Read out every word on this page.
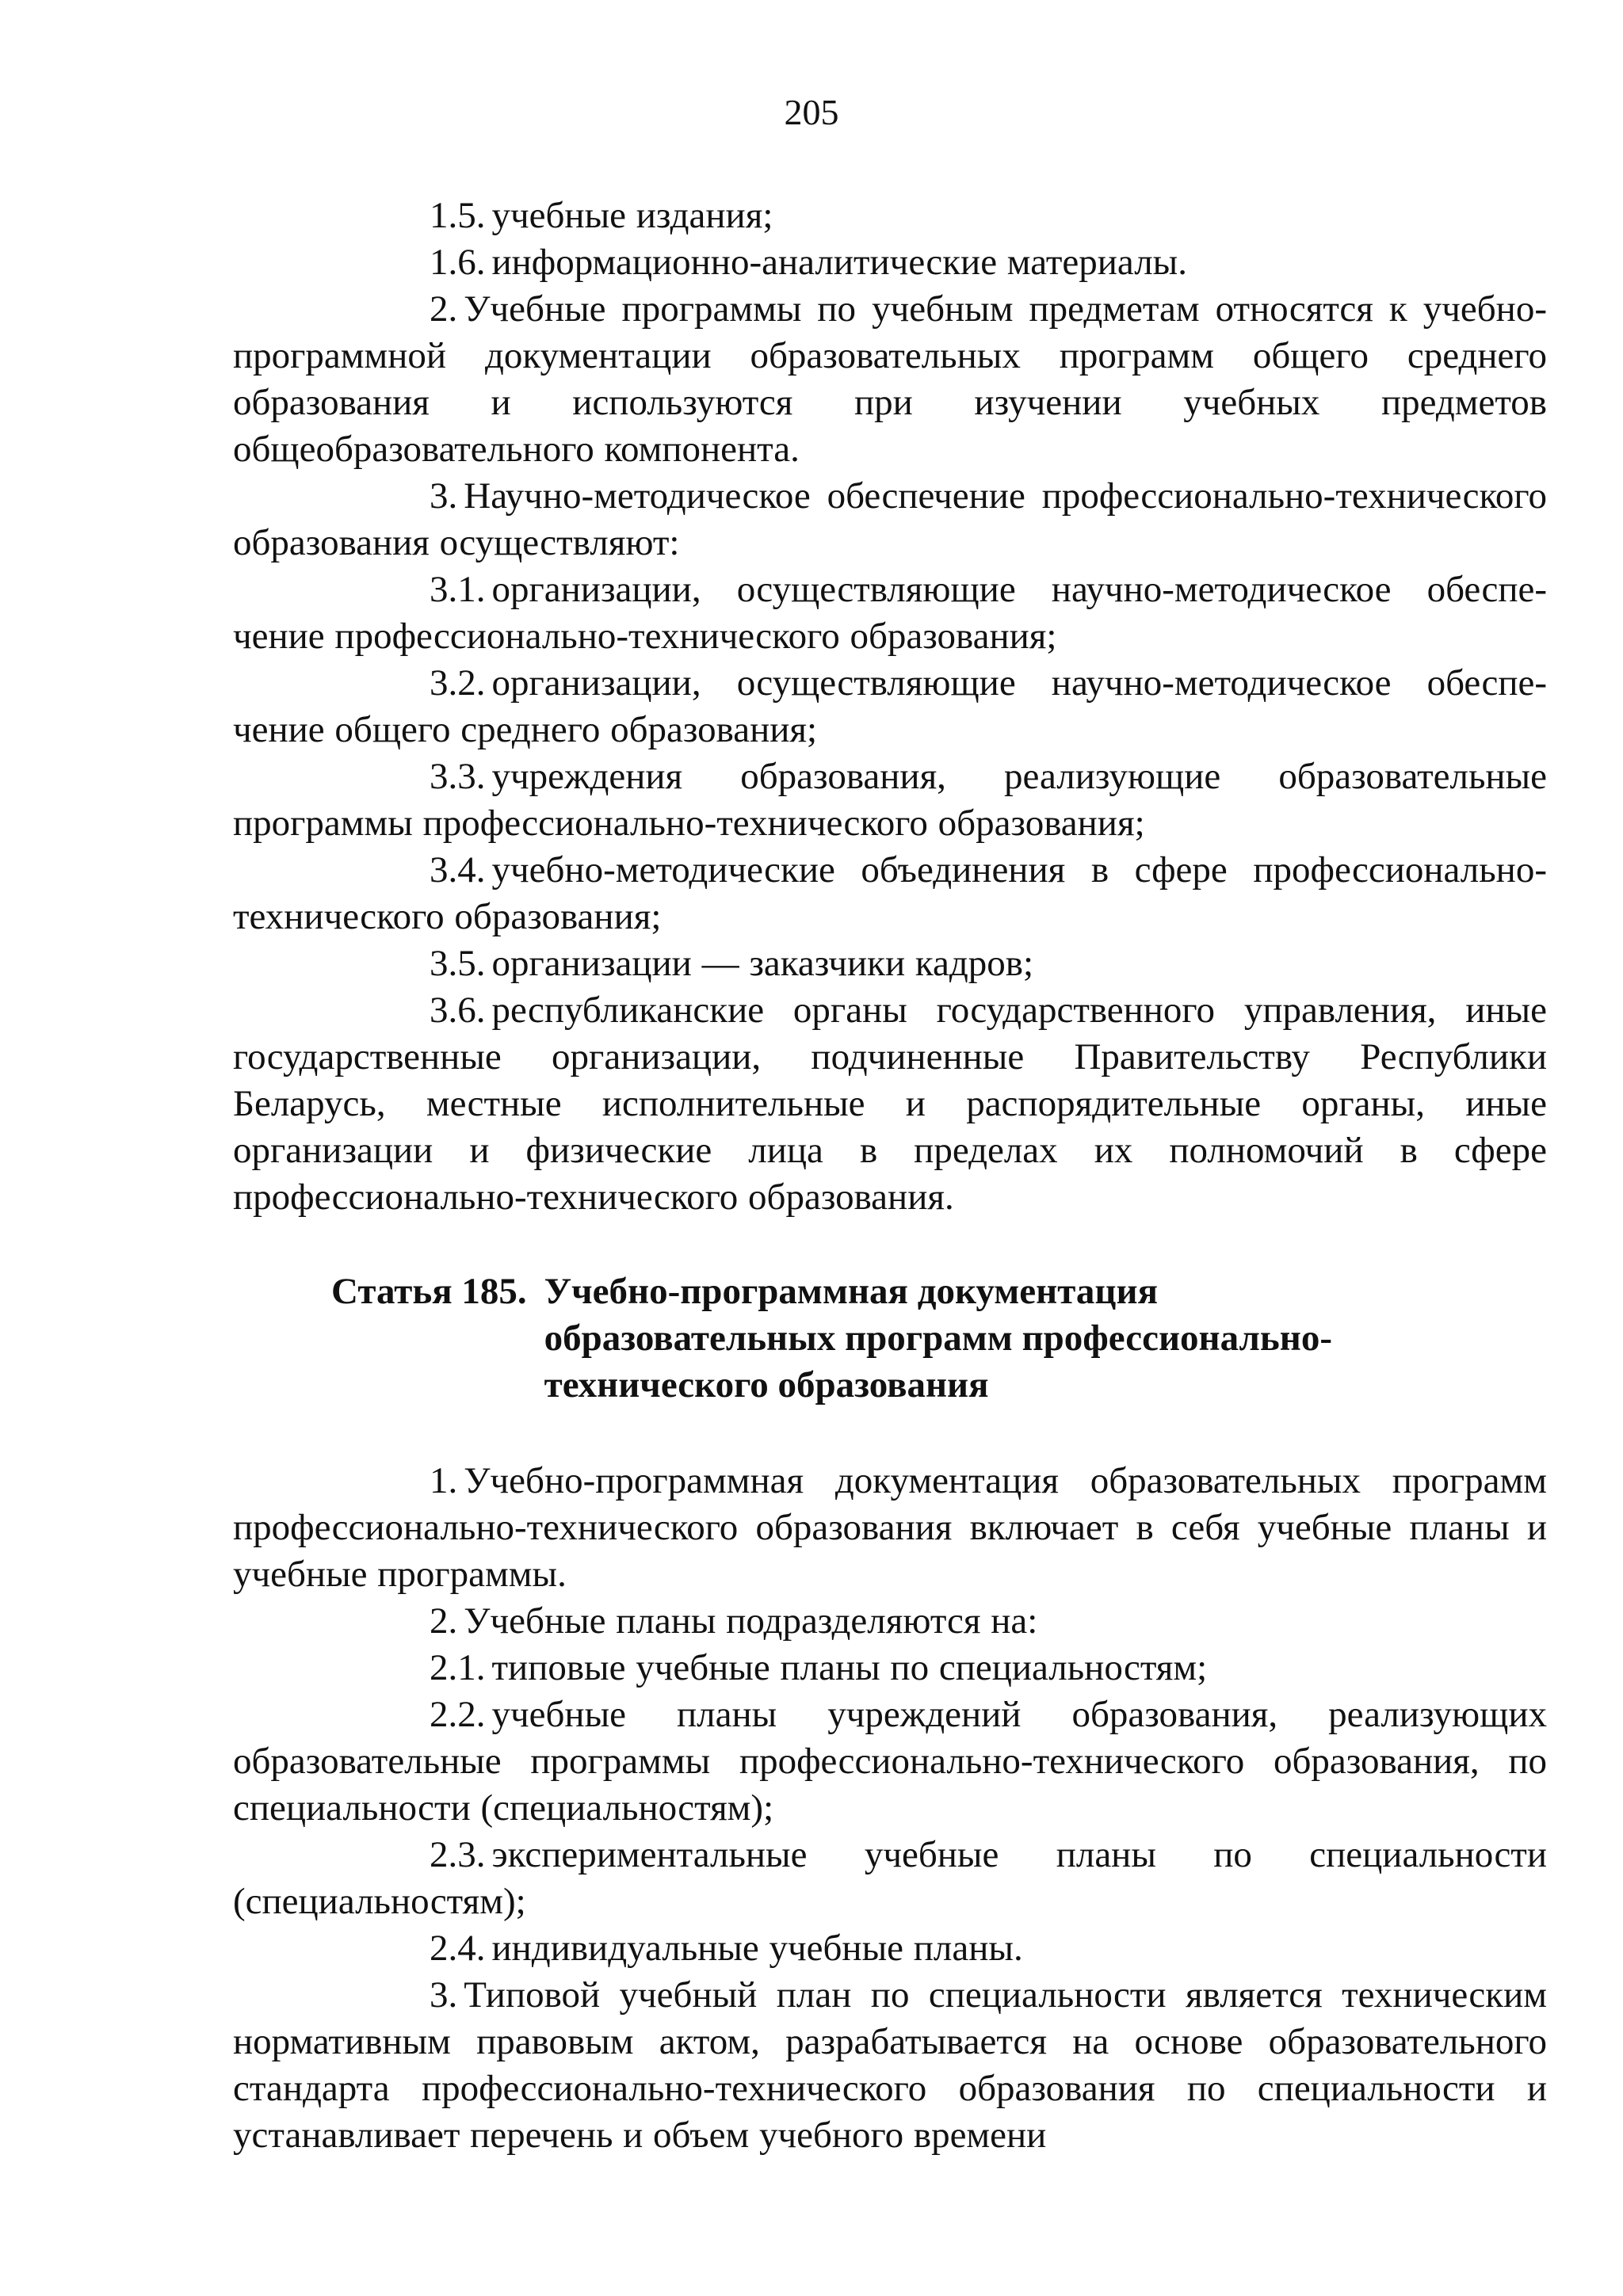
205

1.5. учебные издания;

1.6. информационно-аналитические материалы.

2. Учебные программы по учебным предметам относятся к учебно-программной документации образовательных программ общего среднего образования и используются при изучении учебных предметов общеобразовательного компонента.

3. Научно-методическое обеспечение профессионально-технического образования осуществляют:

3.1. организации, осуществляющие научно-методическое обеспечение профессионально-технического образования;

3.2. организации, осуществляющие научно-методическое обеспечение общего среднего образования;

3.3. учреждения образования, реализующие образовательные программы профессионально-технического образования;

3.4. учебно-методические объединения в сфере профессионально-технического образования;

3.5. организации — заказчики кадров;

3.6. республиканские органы государственного управления, иные государственные организации, подчиненные Правительству Республики Беларусь, местные исполнительные и распорядительные органы, иные организации и физические лица в пределах их полномочий в сфере профессионально-технического образования.

Статья 185. Учебно-программная документация
образовательных программ профессионально-
технического образования

1. Учебно-программная документация образовательных программ профессионально-технического образования включает в себя учебные планы и учебные программы.

2. Учебные планы подразделяются на:

2.1. типовые учебные планы по специальностям;

2.2. учебные планы учреждений образования, реализующих образовательные программы профессионально-технического образования, по специальности (специальностям);

2.3. экспериментальные учебные планы по специальности (специальностям);

2.4. индивидуальные учебные планы.

3. Типовой учебный план по специальности является техническим нормативным правовым актом, разрабатывается на основе образовательного стандарта профессионально-технического образования по специальности и устанавливает перечень и объем учебного времени
